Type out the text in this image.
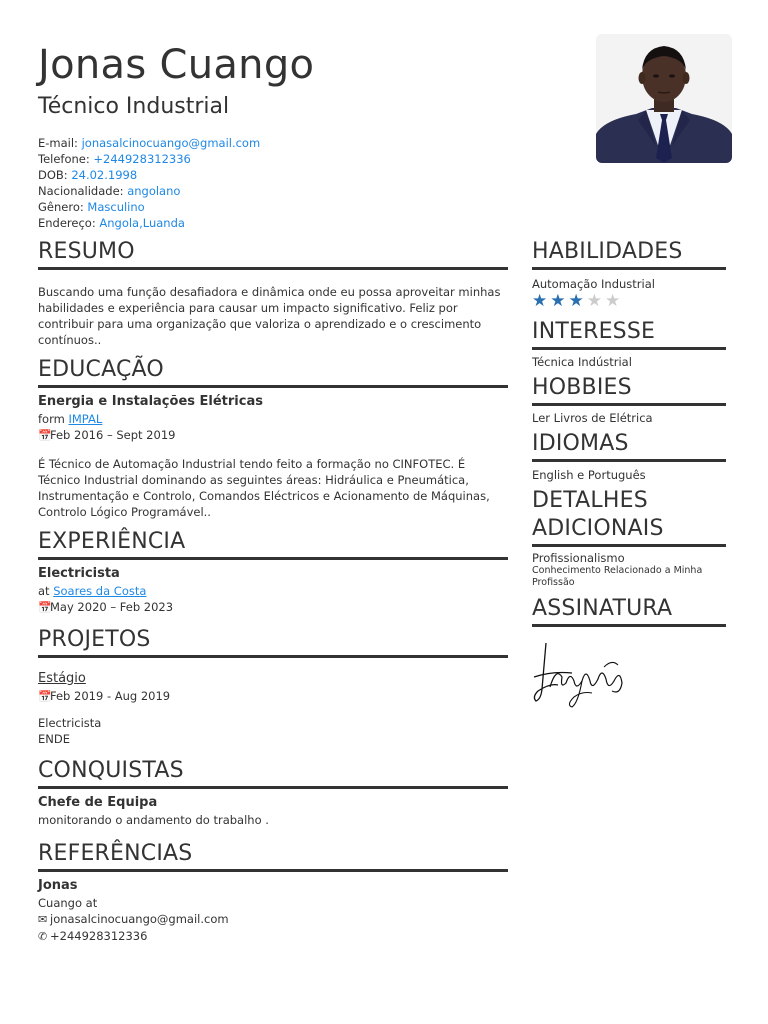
Jonas Cuango
Técnico Industrial
E-mail: jonasalcinocuango@gmail.com
Telefone: +244928312336
DOB: 24.02.1998
Nacionalidade: angolano
Gênero: Masculino
Endereço: Angola,Luanda
RESUMO
Buscando uma função desafiadora e dinâmica onde eu possa aproveitar minhas habilidades e experiência para causar um impacto significativo. Feliz por contribuir para uma organização que valoriza o aprendizado e o crescimento contínuos..
EDUCAÇÃO
Energia e Instalações Elétricas
form IMPAL
📅Feb 2016 – Sept 2019
É Técnico de Automação Industrial tendo feito a formação no CINFOTEC. É Técnico Industrial dominando as seguintes áreas: Hidráulica e Pneumática, Instrumentação e Controlo, Comandos Eléctricos e Acionamento de Máquinas, Controlo Lógico Programável..
EXPERIÊNCIA
Electricista
at Soares da Costa
📅May 2020 – Feb 2023
PROJETOS
Estágio
📅Feb 2019 - Aug 2019
Electricista
ENDE
CONQUISTAS
Chefe de Equipa
monitorando o andamento do trabalho .
REFERÊNCIAS
Jonas
Cuango at
✉ jonasalcinocuango@gmail.com
✆ +244928312336
HABILIDADES
Automação Industrial
★★★★★
INTERESSE
Técnica Indústrial
HOBBIES
Ler Livros de Elétrica
IDIOMAS
English e Português
DETALHES
ADICIONAIS
Profissionalismo
Conhecimento Relacionado a Minha Profissão
ASSINATURA
